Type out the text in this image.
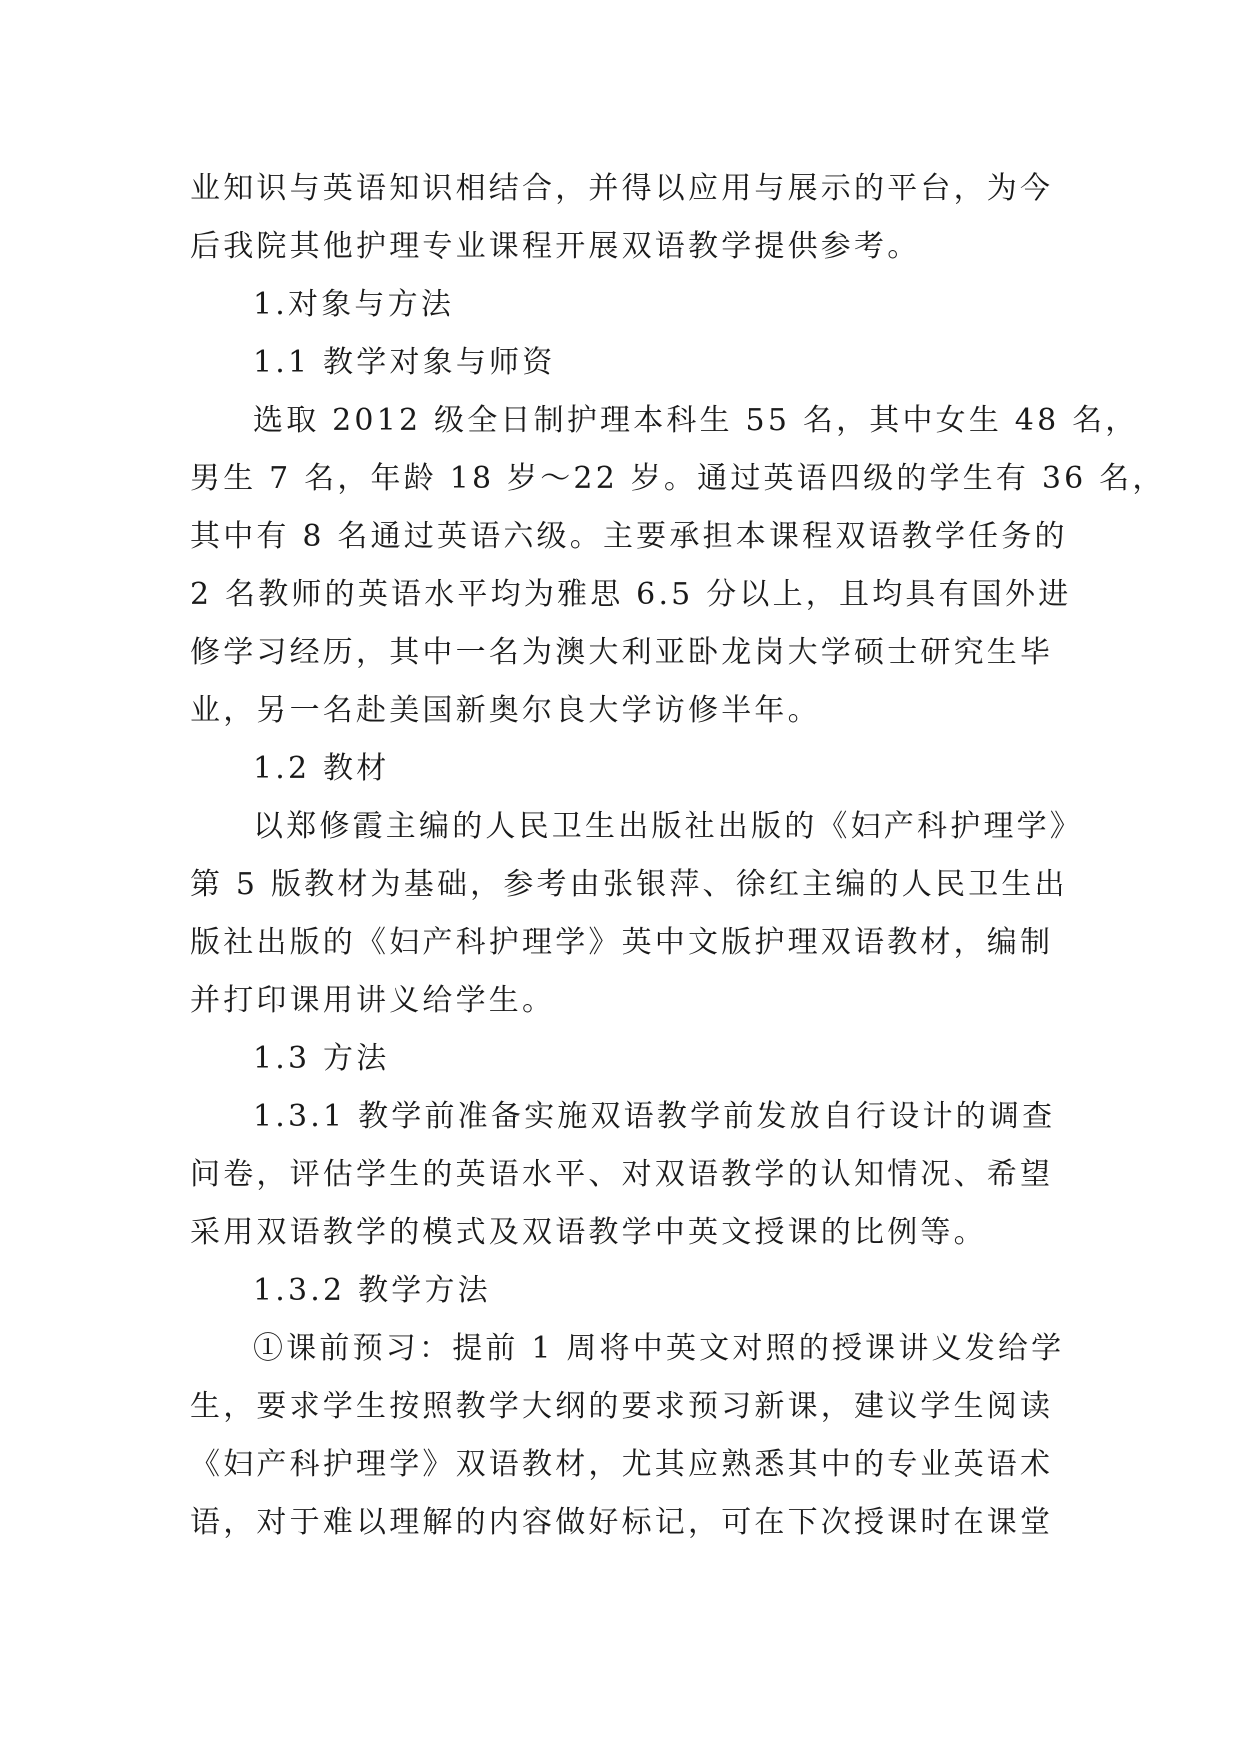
业知识与英语知识相结合，并得以应用与展示的平台，为今
后我院其他护理专业课程开展双语教学提供参考。
1.对象与方法
1.1 教学对象与师资
选取 2012 级全日制护理本科生 55 名，其中女生 48 名，
男生 7 名，年龄 18 岁～22 岁。通过英语四级的学生有 36 名，
其中有 8 名通过英语六级。主要承担本课程双语教学任务的
2 名教师的英语水平均为雅思 6.5 分以上，且均具有国外进
修学习经历，其中一名为澳大利亚卧龙岗大学硕士研究生毕
业，另一名赴美国新奥尔良大学访修半年。
1.2 教材
以郑修霞主编的人民卫生出版社出版的《妇产科护理学》
第 5 版教材为基础，参考由张银萍、徐红主编的人民卫生出
版社出版的《妇产科护理学》英中文版护理双语教材，编制
并打印课用讲义给学生。
1.3 方法
1.3.1 教学前准备实施双语教学前发放自行设计的调查
问卷，评估学生的英语水平、对双语教学的认知情况、希望
采用双语教学的模式及双语教学中英文授课的比例等。
1.3.2 教学方法
①课前预习：提前 1 周将中英文对照的授课讲义发给学
生，要求学生按照教学大纲的要求预习新课，建议学生阅读
《妇产科护理学》双语教材，尤其应熟悉其中的专业英语术
语，对于难以理解的内容做好标记，可在下次授课时在课堂
